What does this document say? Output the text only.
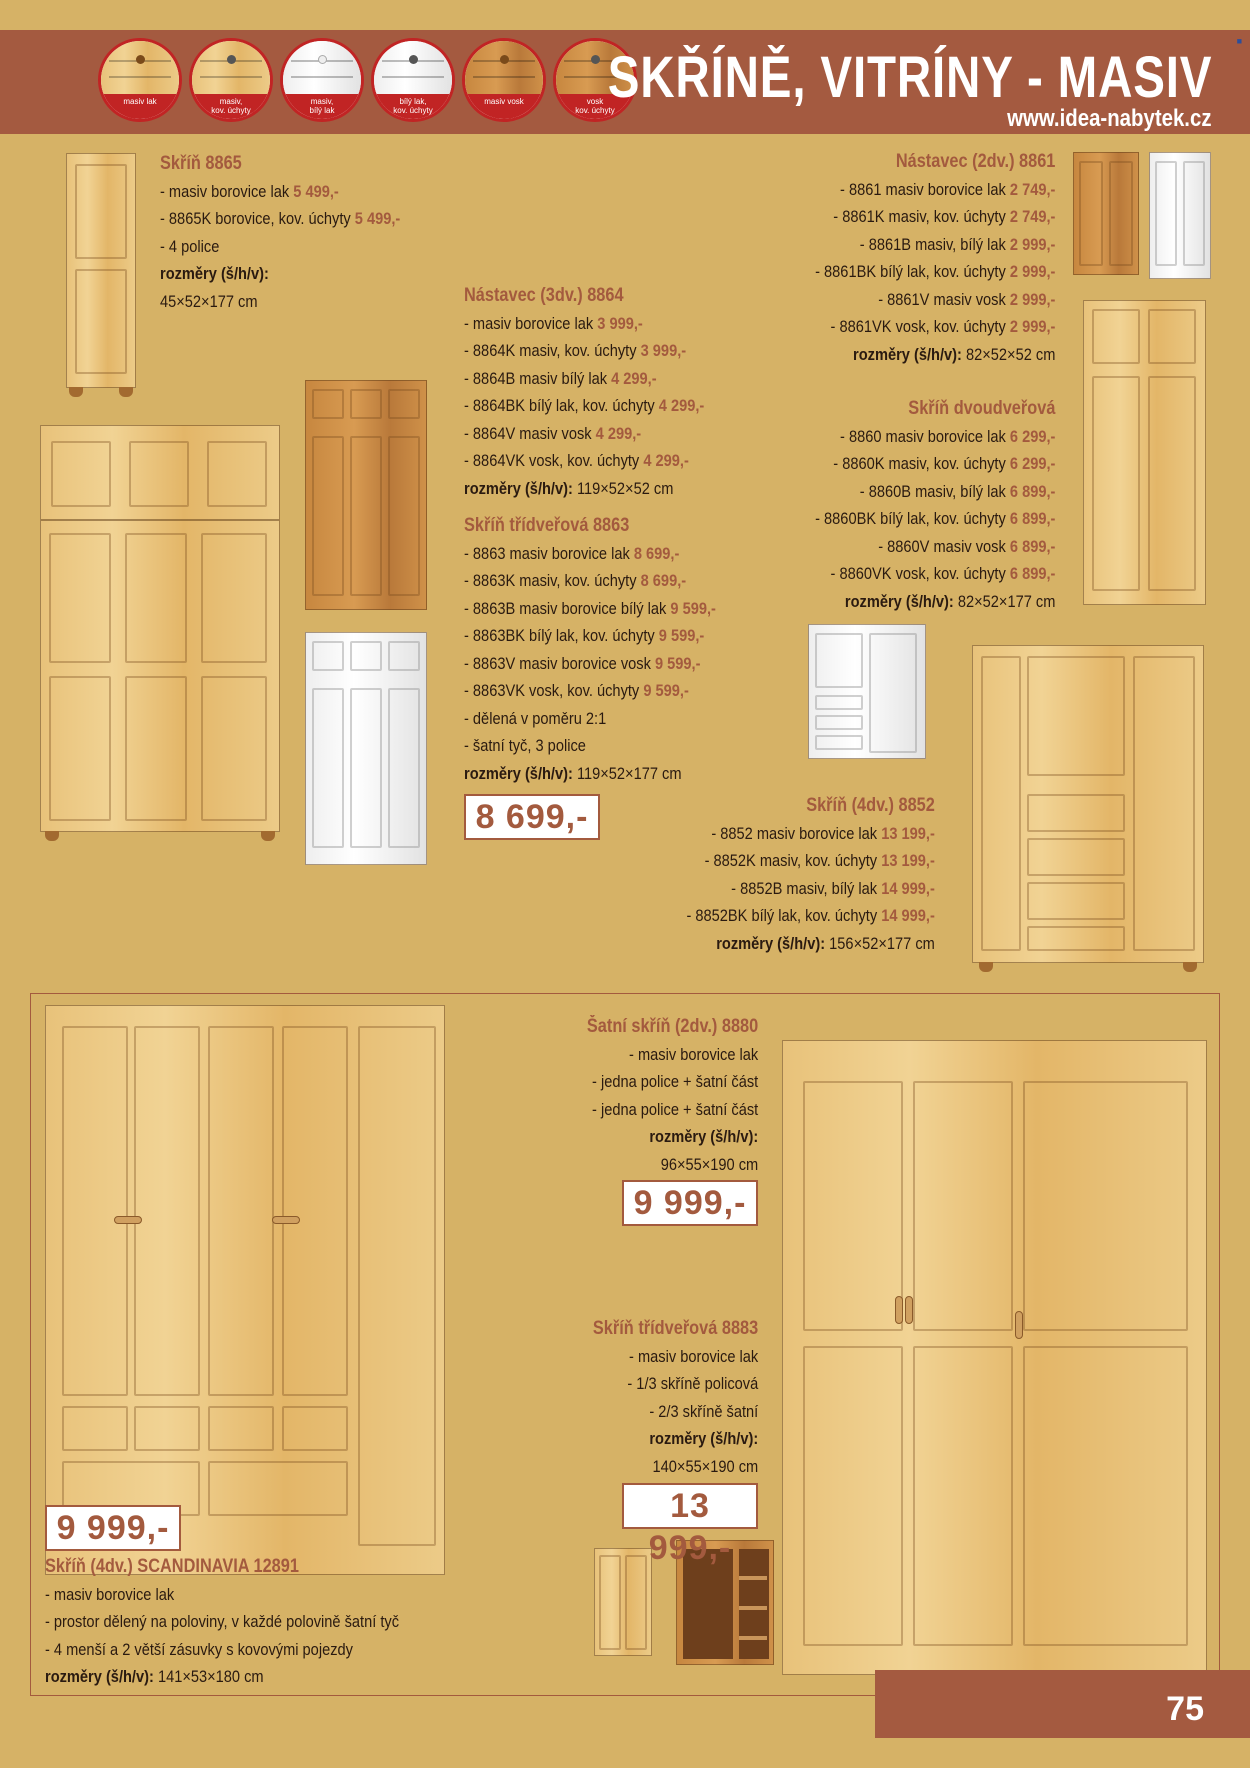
■
masiv lak	masiv,
kov. úchyty
masiv,
bílý lak
bílý lak,
kov. úchyty
masiv vosk	vosk
kov. úchyty
SKŘÍNĚ, VITRÍNY - MASIV
www.idea-nabytek.cz
Skříň 8865
- masiv borovice lak 5 499,-
- 8865K borovice, kov. úchyty 5 499,-
- 4 police
rozměry (š/h/v):
45×52×177 cm	Nástavec (3dv.) 8864
- masiv borovice lak 3 999,-
- 8864K masiv, kov. úchyty 3 999,-
- 8864B masiv bílý lak 4 299,-
- 8864BK bílý lak, kov. úchyty 4 299,-
- 8864V masiv vosk 4 299,-
- 8864VK vosk, kov. úchyty 4 299,-
rozměry (š/h/v): 119×52×52 cm
Skříň třídveřová 8863
- 8863 masiv borovice lak 8 699,-
- 8863K masiv, kov. úchyty 8 699,-
- 8863B masiv borovice bílý lak 9 599,-
- 8863BK bílý lak, kov. úchyty 9 599,-
- 8863V masiv borovice vosk 9 599,-
- 8863VK vosk, kov. úchyty 9 599,-
- dělená v poměru 2:1
- šatní tyč, 3 police
rozměry (š/h/v): 119×52×177 cm
8 699,-
Nástavec (2dv.) 8861
- 8861 masiv borovice lak 2 749,-
- 8861K masiv, kov. úchyty 2 749,-
- 8861B masiv, bílý lak 2 999,-
- 8861BK bílý lak, kov. úchyty 2 999,-
- 8861V masiv vosk 2 999,-
- 8861VK vosk, kov. úchyty 2 999,-
rozměry (š/h/v): 82×52×52 cm
Skříň dvoudveřová
- 8860 masiv borovice lak 6 299,-
- 8860K masiv, kov. úchyty 6 299,-
- 8860B masiv, bílý lak 6 899,-
- 8860BK bílý lak, kov. úchyty 6 899,-
- 8860V masiv vosk 6 899,-
- 8860VK vosk, kov. úchyty 6 899,-
rozměry (š/h/v): 82×52×177 cm
Skříň (4dv.) 8852
- 8852 masiv borovice lak 13 199,-
- 8852K masiv, kov. úchyty 13 199,-
- 8852B masiv, bílý lak 14 999,-
- 8852BK bílý lak, kov. úchyty 14 999,-
rozměry (š/h/v): 156×52×177 cm
Šatní skříň (2dv.) 8880
- masiv borovice lak
- jedna police + šatní část
- jedna police + šatní část
rozměry (š/h/v):
96×55×190 cm
9 999,-
Skříň třídveřová 8883
- masiv borovice lak
- 1/3 skříně policová
- 2/3 skříně šatní
rozměry (š/h/v):
140×55×190 cm
13 999,-
9 999,-
Skříň (4dv.) SCANDINAVIA 12891
- masiv borovice lak
- prostor dělený na poloviny, v každé polovině šatní tyč
- 4 menší a 2 větší zásuvky s kovovými pojezdy
rozměry (š/h/v): 141×53×180 cm
75
